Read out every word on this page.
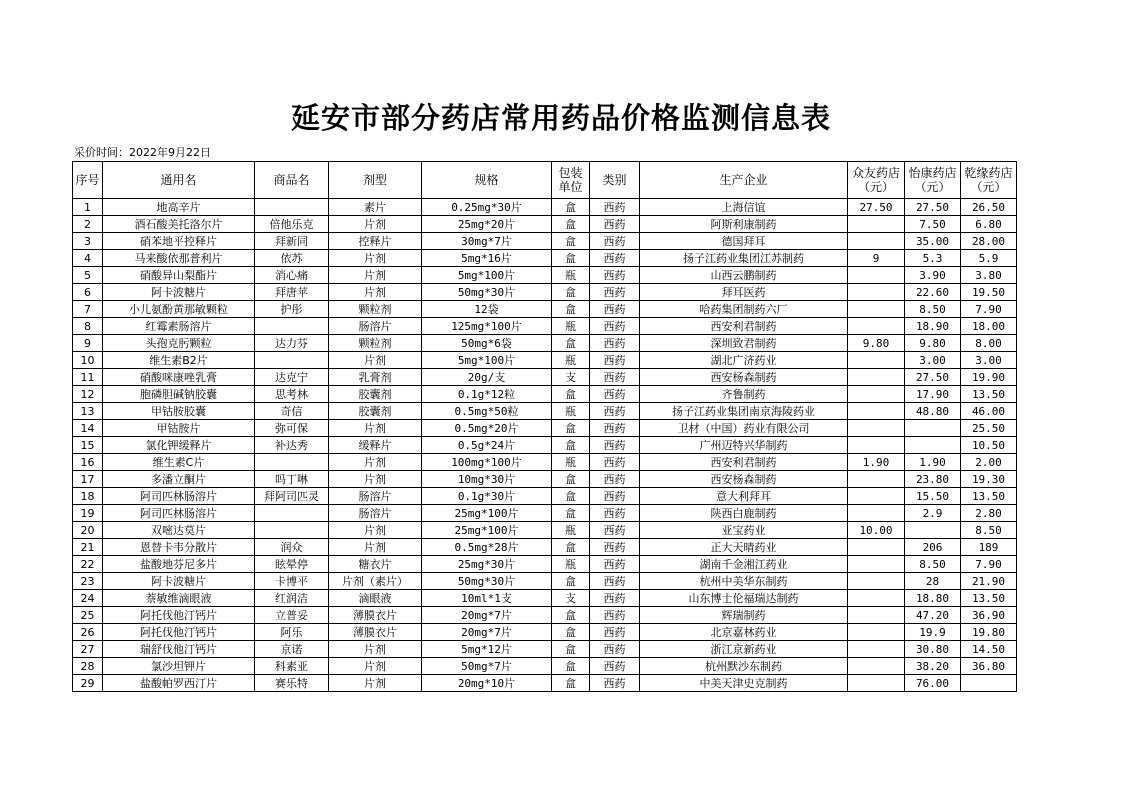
延安市部分药店常用药品价格监测信息表
采价时间：2022年9月22日
序号	通用名	商品名	剂型	规格	包装单位	类别	生产企业	众友药店（元）	怡康药店（元）	乾缘药店（元）
1	地高辛片		素片	0.25mg*30片	盒	西药	上海信谊	27.50	27.50	26.50
2	酒石酸美托洛尔片	倍他乐克	片剂	25mg*20片	盒	西药	阿斯利康制药		7.50	6.80
3	硝苯地平控释片	拜新同	控释片	30mg*7片	盒	西药	德国拜耳		35.00	28.00
4	马来酸依那普利片	依苏	片剂	5mg*16片	盒	西药	扬子江药业集团江苏制药	9	5.3	5.9
5	硝酸异山梨酯片	消心痛	片剂	5mg*100片	瓶	西药	山西云鹏制药		3.90	3.80
6	阿卡波糖片	拜唐苹	片剂	50mg*30片	盒	西药	拜耳医药		22.60	19.50
7	小儿氨酚黄那敏颗粒	护彤	颗粒剂	12袋	盒	西药	哈药集团制药六厂		8.50	7.90
8	红霉素肠溶片		肠溶片	125mg*100片	瓶	西药	西安利君制药		18.90	18.00
9	头孢克肟颗粒	达力芬	颗粒剂	50mg*6袋	盒	西药	深圳致君制药	9.80	9.80	8.00
10	维生素B2片		片剂	5mg*100片	瓶	西药	湖北广济药业		3.00	3.00
11	硝酸咪康唑乳膏	达克宁	乳膏剂	20g/支	支	西药	西安杨森制药		27.50	19.90
12	胞磷胆碱钠胶囊	思考林	胶囊剂	0.1g*12粒	盒	西药	齐鲁制药		17.90	13.50
13	甲钴胺胶囊	奇信	胶囊剂	0.5mg*50粒	瓶	西药	扬子江药业集团南京海陵药业		48.80	46.00
14	甲钴胺片	弥可保	片剂	0.5mg*20片	盒	西药	卫材（中国）药业有限公司			25.50
15	氯化钾缓释片	补达秀	缓释片	0.5g*24片	盒	西药	广州迈特兴华制药			10.50
16	维生素C片		片剂	100mg*100片	瓶	西药	西安利君制药	1.90	1.90	2.00
17	多潘立酮片	吗丁啉	片剂	10mg*30片	盒	西药	西安杨森制药		23.80	19.30
18	阿司匹林肠溶片	拜阿司匹灵	肠溶片	0.1g*30片	盒	西药	意大利拜耳		15.50	13.50
19	阿司匹林肠溶片		肠溶片	25mg*100片	盒	西药	陕西白鹿制药		2.9	2.80
20	双嘧达莫片		片剂	25mg*100片	瓶	西药	亚宝药业	10.00		8.50
21	恩替卡韦分散片	润众	片剂	0.5mg*28片	盒	西药	正大天晴药业		206	189
22	盐酸地芬尼多片	眩晕停	糖衣片	25mg*30片	瓶	西药	湖南千金湘江药业		8.50	7.90
23	阿卡波糖片	卡博平	片剂（素片）	50mg*30片	盒	西药	杭州中美华东制药		28	21.90
24	萘敏维滴眼液	红润洁	滴眼液	10ml*1支	支	西药	山东博士伦福瑞达制药		18.80	13.50
25	阿托伐他汀钙片	立普妥	薄膜衣片	20mg*7片	盒	西药	辉瑞制药		47.20	36.90
26	阿托伐他汀钙片	阿乐	薄膜衣片	20mg*7片	盒	西药	北京嘉林药业		19.9	19.80
27	瑞舒伐他汀钙片	京诺	片剂	5mg*12片	盒	西药	浙江京新药业		30.80	14.50
28	氯沙坦钾片	科素亚	片剂	50mg*7片	盒	西药	杭州默沙东制药		38.20	36.80
29	盐酸帕罗西汀片	赛乐特	片剂	20mg*10片	盒	西药	中美天津史克制药		76.00	
